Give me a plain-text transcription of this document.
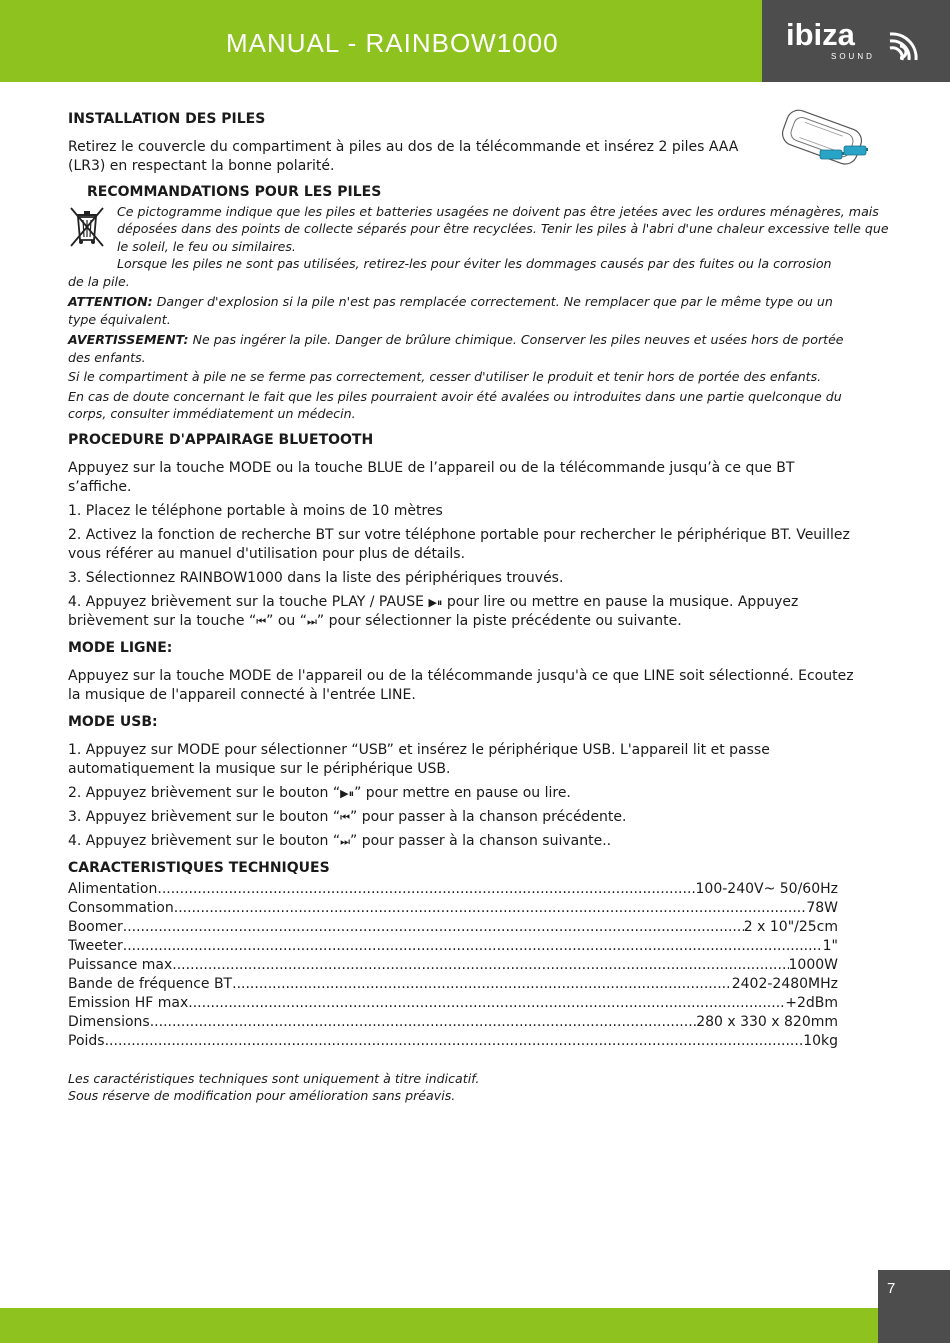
MANUAL - RAINBOW1000	ibiza
SOUND
INSTALLATION DES PILES

Retirez le couvercle du compartiment à piles au dos de la télécommande et insérez 2 piles AAA (LR3) en respectant la bonne polarité.

RECOMMANDATIONS POUR LES PILES

Ce pictogramme indique que les piles et batteries usagées ne doivent pas être jetées avec les ordures ménagères, mais déposées dans des points de collecte séparés pour être recyclées. Tenir les piles à l'abri d'une chaleur excessive telle que le soleil, le feu ou similaires.

Lorsque les piles ne sont pas utilisées, retirez-les pour éviter les dommages causés par des fuites ou la corrosion de la pile.

ATTENTION: Danger d'explosion si la pile n'est pas remplacée correctement. Ne remplacer que par le même type ou un type équivalent.

AVERTISSEMENT: Ne pas ingérer la pile. Danger de brûlure chimique. Conserver les piles neuves et usées hors de portée des enfants.

Si le compartiment à pile ne se ferme pas correctement, cesser d'utiliser le produit et tenir hors de portée des enfants.

En cas de doute concernant le fait que les piles pourraient avoir été avalées ou introduites dans une partie quelconque du corps, consulter immédiatement un médecin.

PROCEDURE D'APPAIRAGE BLUETOOTH

Appuyez sur la touche MODE ou la touche BLUE de l’appareil ou de la télécommande jusqu’à ce que BT s’affiche.

1. Placez le téléphone portable à moins de 10 mètres

2. Activez la fonction de recherche BT sur votre téléphone portable pour rechercher le périphérique BT. Veuillez vous référer au manuel d'utilisation pour plus de détails.

3. Sélectionnez RAINBOW1000 dans la liste des périphériques trouvés.

4. Appuyez brièvement sur la touche PLAY / PAUSE ▶⏸ pour lire ou mettre en pause la musique. Appuyez brièvement sur la touche “⏮” ou “⏭” pour sélectionner la piste précédente ou suivante.

MODE LIGNE:

Appuyez sur la touche MODE de l'appareil ou de la télécommande jusqu'à ce que LINE soit sélectionné. Ecoutez la musique de l'appareil connecté à l'entrée LINE.

MODE USB:

1. Appuyez sur MODE pour sélectionner “USB” et insérez le périphérique USB. L'appareil lit et passe automatiquement la musique sur le périphérique USB.

2. Appuyez brièvement sur le bouton “▶⏸” pour mettre en pause ou lire.

3. Appuyez brièvement sur le bouton “⏮” pour passer à la chanson précédente.

4. Appuyez brièvement sur le bouton “⏭” pour passer à la chanson suivante..

CARACTERISTIQUES TECHNIQUES
Alimentation .....	100-240V~ 50/60Hz
Consommation .....	78W
Boomer .....	2 x 10"/25cm
Tweeter .....	1"
Puissance max. .....	1000W
Bande de fréquence BT .....	2402-2480MHz
Emission HF max .....	+2dBm
Dimensions .....	280 x 330 x 820mm
Poids .....	10kg

Les caractéristiques techniques sont uniquement à titre indicatif.

Sous réserve de modification pour amélioration sans préavis.

7
